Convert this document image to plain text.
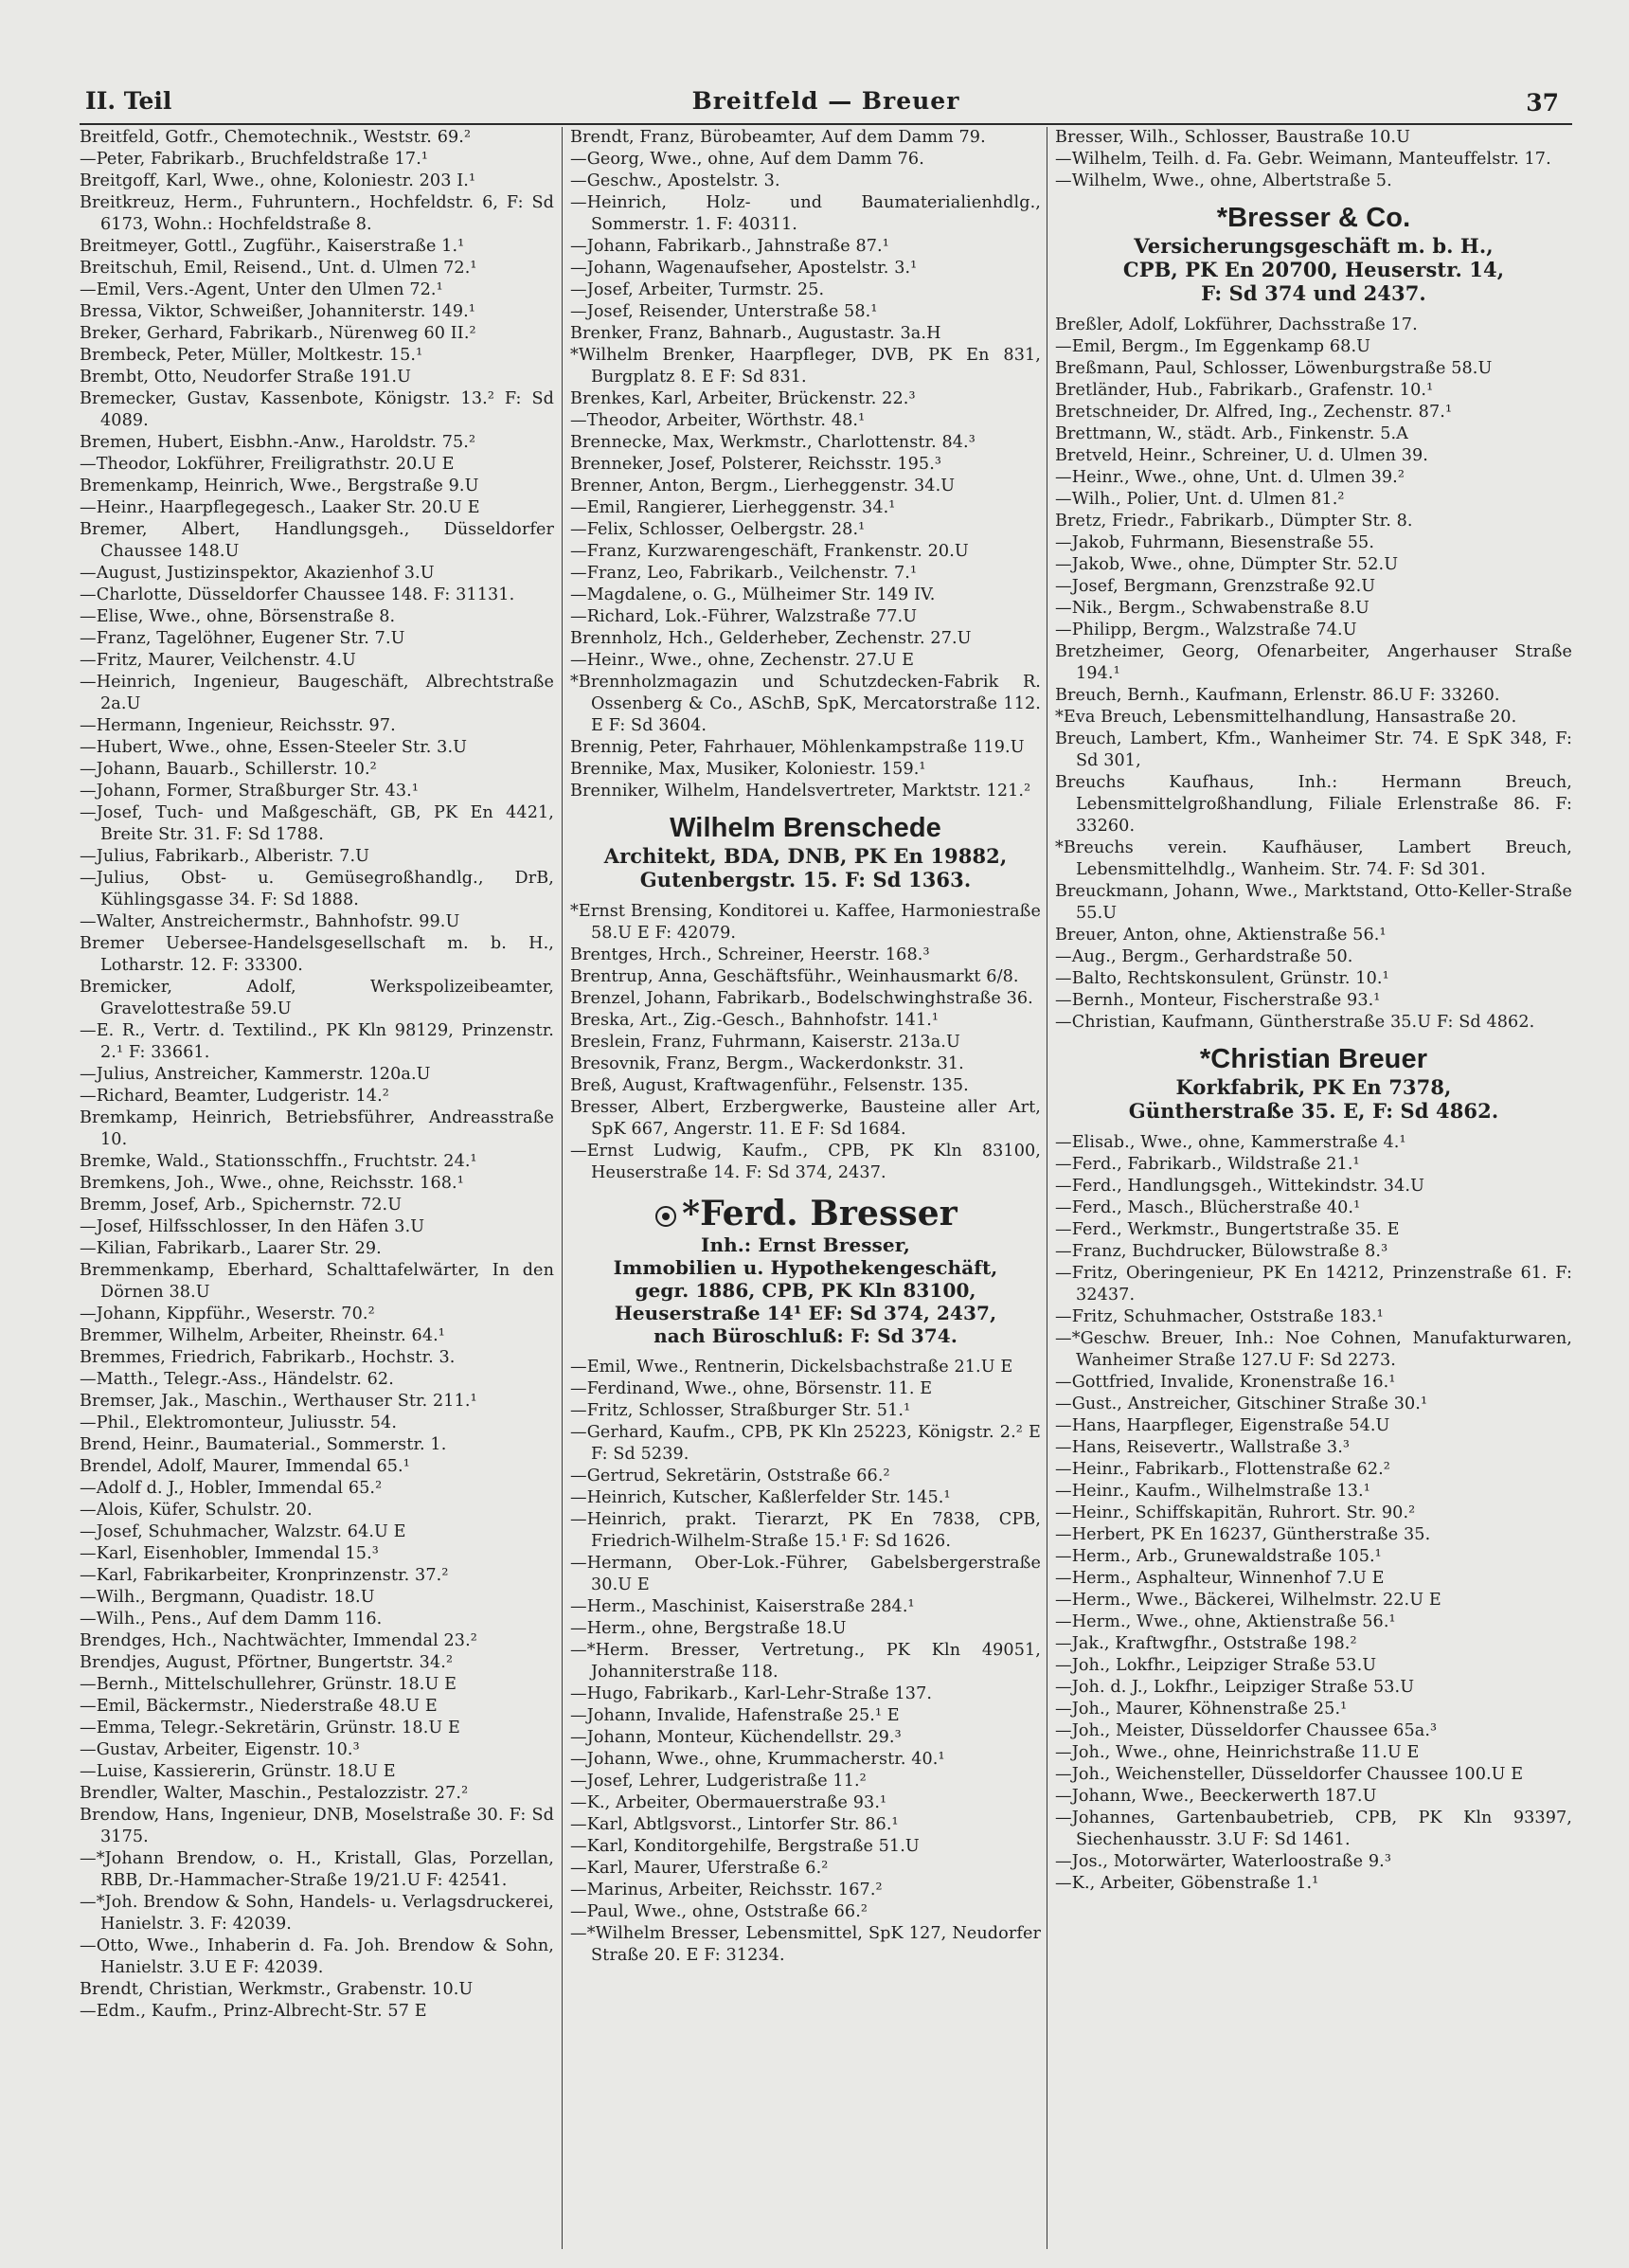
II. Teil	Breitfeld — Breuer	37
Breitfeld, Gotfr., Chemotechnik., Weststr. 69.²
—Peter, Fabrikarb., Bruchfeldstraße 17.¹
Breitgoff, Karl, Wwe., ohne, Koloniestr. 203 I.¹
Breitkreuz, Herm., Fuhruntern., Hochfeldstr. 6, F: Sd 6173, Wohn.: Hochfeldstraße 8.
Breitmeyer, Gottl., Zugführ., Kaiserstraße 1.¹
Breitschuh, Emil, Reisend., Unt. d. Ulmen 72.¹
—Emil, Vers.-Agent, Unter den Ulmen 72.¹
Bressa, Viktor, Schweißer, Johanniterstr. 149.¹
Breker, Gerhard, Fabrikarb., Nürenweg 60 II.²
Brembeck, Peter, Müller, Moltkestr. 15.¹
Brembt, Otto, Neudorfer Straße 191.U
Bremecker, Gustav, Kassenbote, Königstr. 13.² F: Sd 4089.
Bremen, Hubert, Eisbhn.-Anw., Haroldstr. 75.²
—Theodor, Lokführer, Freiligrathstr. 20.U E
Bremenkamp, Heinrich, Wwe., Bergstraße 9.U
—Heinr., Haarpflegegesch., Laaker Str. 20.U E
Bremer, Albert, Handlungsgeh., Düsseldorfer Chaussee 148.U
—August, Justizinspektor, Akazienhof 3.U
—Charlotte, Düsseldorfer Chaussee 148. F: 31131.
—Elise, Wwe., ohne, Börsenstraße 8.
—Franz, Tagelöhner, Eugener Str. 7.U
—Fritz, Maurer, Veilchenstr. 4.U
—Heinrich, Ingenieur, Baugeschäft, Albrechtstraße 2a.U
—Hermann, Ingenieur, Reichsstr. 97.
—Hubert, Wwe., ohne, Essen-Steeler Str. 3.U
—Johann, Bauarb., Schillerstr. 10.²
—Johann, Former, Straßburger Str. 43.¹
—Josef, Tuch- und Maßgeschäft, GB, PK En 4421, Breite Str. 31. F: Sd 1788.
—Julius, Fabrikarb., Alberistr. 7.U
—Julius, Obst- u. Gemüsegroßhandlg., DrB, Kühlingsgasse 34. F: Sd 1888.
—Walter, Anstreichermstr., Bahnhofstr. 99.U
Bremer Ueberseе-Handelsgesellschaft m. b. H., Lotharstr. 12. F: 33300.
Bremicker, Adolf, Werkspolizeibeamter, Gravelottestraße 59.U
—E. R., Vertr. d. Textilind., PK Kln 98129, Prinzenstr. 2.¹ F: 33661.
—Julius, Anstreicher, Kammerstr. 120a.U
—Richard, Beamter, Ludgeristr. 14.²
Bremkamp, Heinrich, Betriebsführer, Andreasstraße 10.
Bremke, Wald., Stationsschffn., Fruchtstr. 24.¹
Bremkens, Joh., Wwe., ohne, Reichsstr. 168.¹
Bremm, Josef, Arb., Spichernstr. 72.U
—Josef, Hilfsschlosser, In den Häfen 3.U
—Kilian, Fabrikarb., Laarer Str. 29.
Bremmenkamp, Eberhard, Schalttafelwärter, In den Dörnen 38.U
—Johann, Kippführ., Weserstr. 70.²
Bremmer, Wilhelm, Arbeiter, Rheinstr. 64.¹
Bremmes, Friedrich, Fabrikarb., Hochstr. 3.
—Matth., Telegr.-Ass., Händelstr. 62.
Bremser, Jak., Maschin., Werthauser Str. 211.¹
—Phil., Elektromonteur, Juliusstr. 54.
Brend, Heinr., Baumaterial., Sommerstr. 1.
Brendel, Adolf, Maurer, Immendal 65.¹
—Adolf d. J., Hobler, Immendal 65.²
—Alois, Küfer, Schulstr. 20.
—Josef, Schuhmacher, Walzstr. 64.U E
—Karl, Eisenhobler, Immendal 15.³
—Karl, Fabrikarbeiter, Kronprinzenstr. 37.²
—Wilh., Bergmann, Quadistr. 18.U
—Wilh., Pens., Auf dem Damm 116.
Brendges, Hch., Nachtwächter, Immendal 23.²
Brendjes, August, Pförtner, Bungertstr. 34.²
—Bernh., Mittelschullehrer, Grünstr. 18.U E
—Emil, Bäckermstr., Niederstraße 48.U E
—Emma, Telegr.-Sekretärin, Grünstr. 18.U E
—Gustav, Arbeiter, Eigenstr. 10.³
—Luise, Kassiererin, Grünstr. 18.U E
Brendler, Walter, Maschin., Pestalozzistr. 27.²
Brendow, Hans, Ingenieur, DNB, Moselstraße 30. F: Sd 3175.
—*Johann Brendow, o. H., Kristall, Glas, Porzellan, RBB, Dr.-Hammacher-Straße 19/21.U F: 42541.
—*Joh. Brendow & Sohn, Handels- u. Verlagsdruckerei, Hanielstr. 3. F: 42039.
—Otto, Wwe., Inhaberin d. Fa. Joh. Brendow & Sohn, Hanielstr. 3.U E F: 42039.
Brendt, Christian, Werkmstr., Grabenstr. 10.U
—Edm., Kaufm., Prinz-Albrecht-Str. 57 E
Brendt, Franz, Bürobeamter, Auf dem Damm 79.
—Georg, Wwe., ohne, Auf dem Damm 76.
—Geschw., Apostelstr. 3.
—Heinrich, Holz- und Baumaterialienhdlg., Sommerstr. 1. F: 40311.
—Johann, Fabrikarb., Jahnstraße 87.¹
—Johann, Wagenaufseher, Apostelstr. 3.¹
—Josef, Arbeiter, Turmstr. 25.
—Josef, Reisender, Unterstraße 58.¹
Brenker, Franz, Bahnarb., Augustastr. 3a.H
*Wilhelm Brenker, Haarpfleger, DVB, PK En 831, Burgplatz 8. E F: Sd 831.
Brenkes, Karl, Arbeiter, Brückenstr. 22.³
—Theodor, Arbeiter, Wörthstr. 48.¹
Brennecke, Max, Werkmstr., Charlottenstr. 84.³
Brenneker, Josef, Polsterer, Reichsstr. 195.³
Brenner, Anton, Bergm., Lierheggenstr. 34.U
—Emil, Rangierer, Lierheggenstr. 34.¹
—Felix, Schlosser, Oelbergstr. 28.¹
—Franz, Kurzwarengeschäft, Frankenstr. 20.U
—Franz, Leo, Fabrikarb., Veilchenstr. 7.¹
—Magdalene, o. G., Mülheimer Str. 149 IV.
—Richard, Lok.-Führer, Walzstraße 77.U
Brennholz, Hch., Gelderheber, Zechenstr. 27.U
—Heinr., Wwe., ohne, Zechenstr. 27.U E
*Brennholzmagazin und Schutzdecken-Fabrik R. Ossenberg & Co., ASchB, SpK, Mercatorstraße 112. E F: Sd 3604.
Brennig, Peter, Fahrhauer, Möhlenkampstraße 119.U
Brennike, Max, Musiker, Koloniestr. 159.¹
Brenniker, Wilhelm, Handelsvertreter, Marktstr. 121.²
Wilhelm Brenschede
Architekt, BDA, DNB, PK En 19882,
Gutenbergstr. 15. F: Sd 1363.
*Ernst Brensing, Konditorei u. Kaffee, Harmoniestraße 58.U E F: 42079.
Brentges, Hrch., Schreiner, Heerstr. 168.³
Brentrup, Anna, Geschäftsführ., Weinhausmarkt 6/8.
Brenzel, Johann, Fabrikarb., Bodelschwinghstraße 36.
Breska, Art., Zig.-Gesch., Bahnhofstr. 141.¹
Breslein, Franz, Fuhrmann, Kaiserstr. 213a.U
Bresovnik, Franz, Bergm., Wackerdonkstr. 31.
Breß, August, Kraftwagenführ., Felsenstr. 135.
Bresser, Albert, Erzbergwerke, Bausteine aller Art, SpK 667, Angerstr. 11. E F: Sd 1684.
—Ernst Ludwig, Kaufm., CPB, PK Kln 83100, Heuserstraße 14. F: Sd 374, 2437.
*Ferd. Bresser
Inh.: Ernst Bresser,
Immobilien u. Hypothekengeschäft,
gegr. 1886, CPB, PK Kln 83100,
Heuserstraße 14¹ EF: Sd 374, 2437,
nach Büroschluß: F: Sd 374.
—Emil, Wwe., Rentnerin, Dickelsbachstraße 21.U E
—Ferdinand, Wwe., ohne, Börsenstr. 11. E
—Fritz, Schlosser, Straßburger Str. 51.¹
—Gerhard, Kaufm., CPB, PK Kln 25223, Königstr. 2.² E F: Sd 5239.
—Gertrud, Sekretärin, Oststraße 66.²
—Heinrich, Kutscher, Kaßlerfelder Str. 145.¹
—Heinrich, prakt. Tierarzt, PK En 7838, CPB, Friedrich-Wilhelm-Straße 15.¹ F: Sd 1626.
—Hermann, Ober-Lok.-Führer, Gabelsbergerstraße 30.U E
—Herm., Maschinist, Kaiserstraße 284.¹
—Herm., ohne, Bergstraße 18.U
—*Herm. Bresser, Vertretung., PK Kln 49051, Johanniterstraße 118.
—Hugo, Fabrikarb., Karl-Lehr-Straße 137.
—Johann, Invalide, Hafenstraße 25.¹ E
—Johann, Monteur, Küchendellstr. 29.³
—Johann, Wwe., ohne, Krummacherstr. 40.¹
—Josef, Lehrer, Ludgeristraße 11.²
—K., Arbeiter, Obermauerstraße 93.¹
—Karl, Abtlgsvorst., Lintorfer Str. 86.¹
—Karl, Konditorgehilfe, Bergstraße 51.U
—Karl, Maurer, Uferstraße 6.²
—Marinus, Arbeiter, Reichsstr. 167.²
—Paul, Wwe., ohne, Oststraße 66.²
—*Wilhelm Bresser, Lebensmittel, SpK 127, Neudorfer Straße 20. E F: 31234.
Bresser, Wilh., Schlosser, Baustraße 10.U
—Wilhelm, Teilh. d. Fa. Gebr. Weimann, Manteuffelstr. 17.
—Wilhelm, Wwe., ohne, Albertstraße 5.
*Bresser & Co.
Versicherungsgeschäft m. b. H.,
CPB, PK En 20700, Heuserstr. 14,
F: Sd 374 und 2437.
Breßler, Adolf, Lokführer, Dachsstraße 17.
—Emil, Bergm., Im Eggenkamp 68.U
Breßmann, Paul, Schlosser, Löwenburgstraße 58.U
Bretländer, Hub., Fabrikarb., Grafenstr. 10.¹
Bretschneider, Dr. Alfred, Ing., Zechenstr. 87.¹
Brettmann, W., städt. Arb., Finkenstr. 5.A
Bretveld, Heinr., Schreiner, U. d. Ulmen 39.
—Heinr., Wwe., ohne, Unt. d. Ulmen 39.²
—Wilh., Polier, Unt. d. Ulmen 81.²
Bretz, Friedr., Fabrikarb., Dümpter Str. 8.
—Jakob, Fuhrmann, Biesenstraße 55.
—Jakob, Wwe., ohne, Dümpter Str. 52.U
—Josef, Bergmann, Grenzstraße 92.U
—Nik., Bergm., Schwabenstraße 8.U
—Philipp, Bergm., Walzstraße 74.U
Bretzheimer, Georg, Ofenarbeiter, Angerhauser Straße 194.¹
Breuch, Bernh., Kaufmann, Erlenstr. 86.U F: 33260.
*Eva Breuch, Lebensmittelhandlung, Hansastraße 20.
Breuch, Lambert, Kfm., Wanheimer Str. 74. E SpK 348, F: Sd 301,
Breuchs Kaufhaus, Inh.: Hermann Breuch, Lebensmittelgroßhandlung, Filiale Erlenstraße 86. F: 33260.
*Breuchs verein. Kaufhäuser, Lambert Breuch, Lebensmittelhdlg., Wanheim. Str. 74. F: Sd 301.
Breuckmann, Johann, Wwe., Marktstand, Otto-Keller-Straße 55.U
Breuer, Anton, ohne, Aktienstraße 56.¹
—Aug., Bergm., Gerhardstraße 50.
—Balto, Rechtskonsulent, Grünstr. 10.¹
—Bernh., Monteur, Fischerstraße 93.¹
—Christian, Kaufmann, Güntherstraße 35.U F: Sd 4862.
*Christian Breuer
Korkfabrik, PK En 7378,
Güntherstraße 35. E, F: Sd 4862.
—Elisab., Wwe., ohne, Kammerstraße 4.¹
—Ferd., Fabrikarb., Wildstraße 21.¹
—Ferd., Handlungsgeh., Wittekindstr. 34.U
—Ferd., Masch., Blücherstraße 40.¹
—Ferd., Werkmstr., Bungertstraße 35. E
—Franz, Buchdrucker, Bülowstraße 8.³
—Fritz, Oberingenieur, PK En 14212, Prinzenstraße 61. F: 32437.
—Fritz, Schuhmacher, Oststraße 183.¹
—*Geschw. Breuer, Inh.: Noe Cohnen, Manufakturwaren, Wanheimer Straße 127.U F: Sd 2273.
—Gottfried, Invalide, Kronenstraße 16.¹
—Gust., Anstreicher, Gitschiner Straße 30.¹
—Hans, Haarpfleger, Eigenstraße 54.U
—Hans, Reisevertr., Wallstraße 3.³
—Heinr., Fabrikarb., Flottenstraße 62.²
—Heinr., Kaufm., Wilhelmstraße 13.¹
—Heinr., Schiffskapitän, Ruhrort. Str. 90.²
—Herbert, PK En 16237, Güntherstraße 35.
—Herm., Arb., Grunewaldstraße 105.¹
—Herm., Asphalteur, Winnenhof 7.U E
—Herm., Wwe., Bäckerei, Wilhelmstr. 22.U E
—Herm., Wwe., ohne, Aktienstraße 56.¹
—Jak., Kraftwgfhr., Oststraße 198.²
—Joh., Lokfhr., Leipziger Straße 53.U
—Joh. d. J., Lokfhr., Leipziger Straße 53.U
—Joh., Maurer, Köhnenstraße 25.¹
—Joh., Meister, Düsseldorfer Chaussee 65a.³
—Joh., Wwe., ohne, Heinrichstraße 11.U E
—Joh., Weichensteller, Düsseldorfer Chaussee 100.U E
—Johann, Wwe., Beeckerwerth 187.U
—Johannes, Gartenbaubetrieb, CPB, PK Kln 93397, Siechenhausstr. 3.U F: Sd 1461.
—Jos., Motorwärter, Waterloostraße 9.³
—K., Arbeiter, Göbenstraße 1.¹
